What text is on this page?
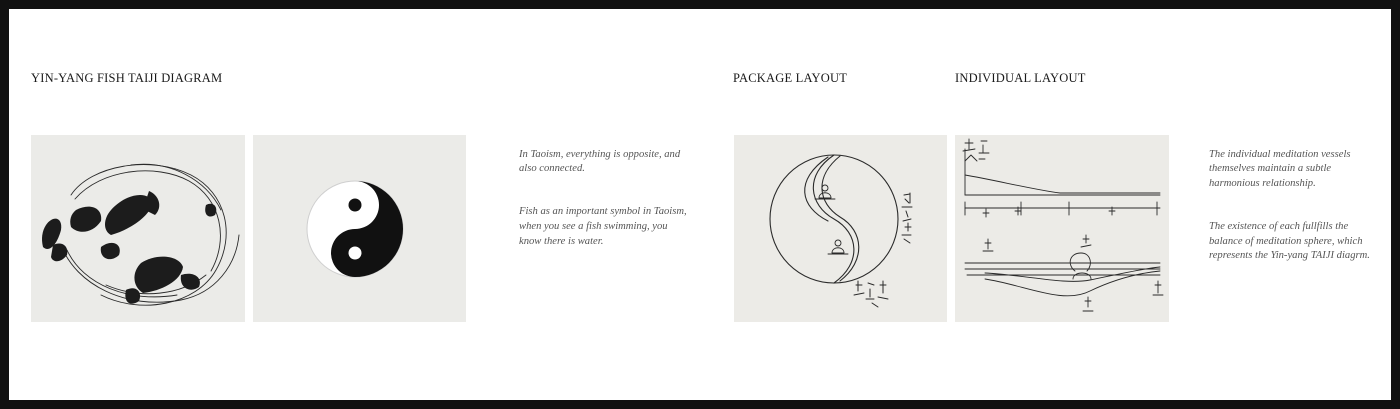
YIN-YANG FISH TAIJI DIAGRAM	PACKAGE LAYOUT	INDIVIDUAL LAYOUT

In Taoism, everything is opposite, and
also connected.

Fish as an important symbol in Taoism,
when you see a fish swimming, you
know there is water.

The individual meditation vessels
themselves maintain a subtle
harmonious relationship.

The existence of each fullfills the
balance of meditation sphere, which
represents the Yin-yang TAIJI diagrm.
